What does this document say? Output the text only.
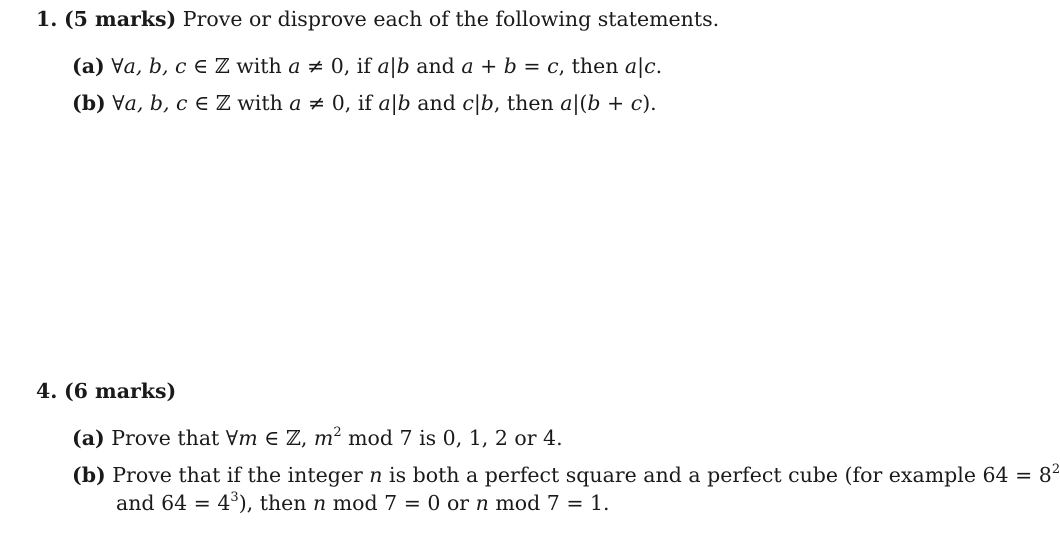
1. (5 marks) Prove or disprove each of the following statements.
(a) ∀a, b, c ∈ ℤ with a ≠ 0, if a|b and a + b = c, then a|c.
(b) ∀a, b, c ∈ ℤ with a ≠ 0, if a|b and c|b, then a|(b + c).
4. (6 marks)
(a) Prove that ∀m ∈ ℤ, $m^2$ mod 7 is 0, 1, 2 or 4.
(b) Prove that if the integer n is both a perfect square and a perfect cube (for example $64 = 8^2$
and $64 = 4^3$), then n mod 7 = 0 or n mod 7 = 1.
